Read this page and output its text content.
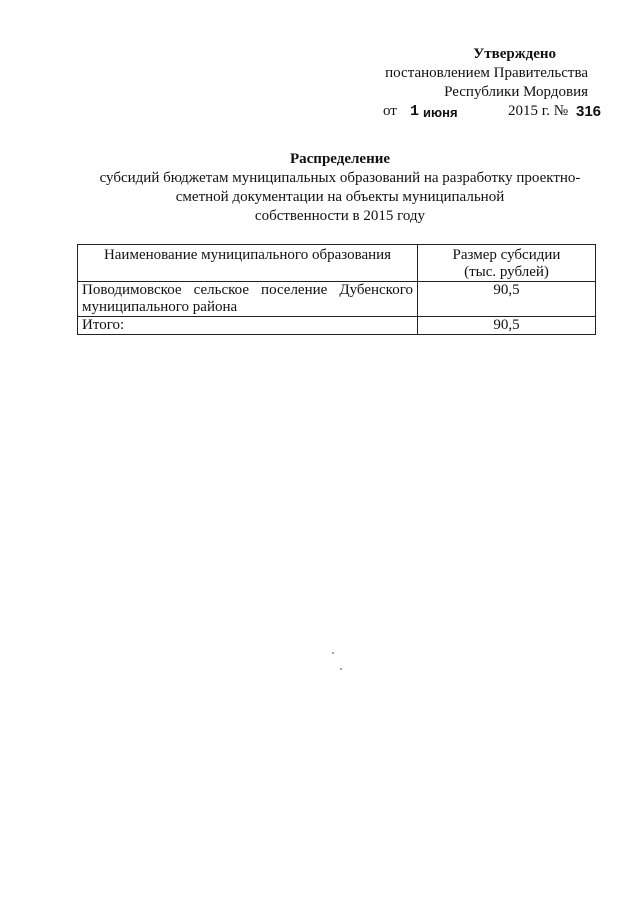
Утверждено
постановлением Правительства
Республики Мордовия
от 1 июня	2015 г. № 316
Распределение
субсидий бюджетам муниципальных образований на разработку проектно-
сметной документации на объекты муниципальной
собственности в 2015 году
Наименование муниципального образования	Размер субсидии
(тыс. рублей)
Поводимовское сельское поселение Дубенского муниципального района	90,5
Итого:	90,5
